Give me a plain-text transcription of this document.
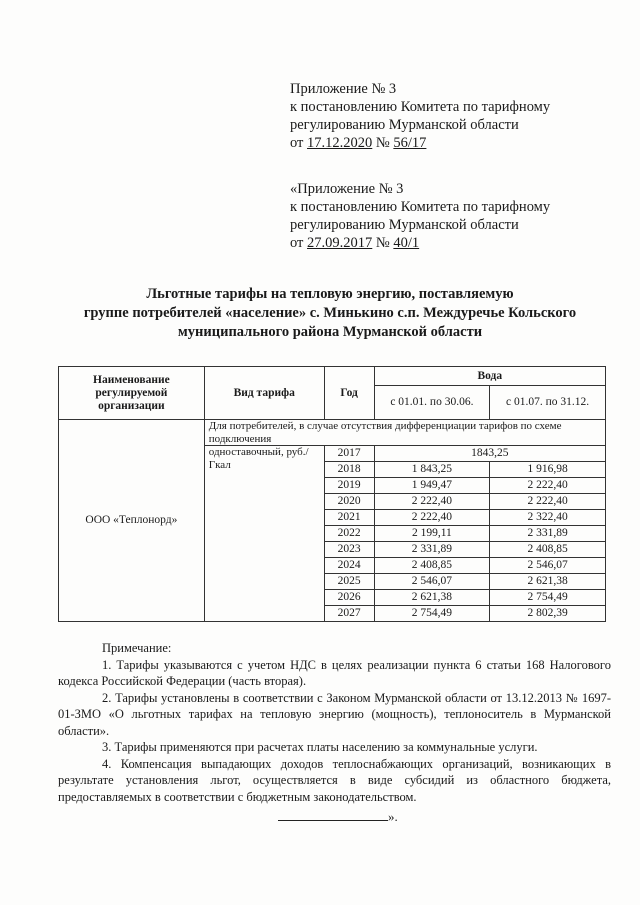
Приложение № 3
к постановлению Комитета по тарифному
регулированию Мурманской области
от 17.12.2020 № 56/17
«Приложение № 3
к постановлению Комитета по тарифному
регулированию Мурманской области
от 27.09.2017 № 40/1
Льготные тарифы на тепловую энергию, поставляемую
группе потребителей «население» с. Минькино с.п. Междуречье Кольского
муниципального района Мурманской области
Наименование регулируемой организации	Вид тарифа	Год	Вода	
			с 01.01. по 30.06.	с 01.07. по 31.12.
ООО «Теплонорд»	Для потребителей, в случае отсутствия дифференциации тарифов по схеме подключения			
	одноставочный, руб./Гкал	2017	1843,25	
		2018	1 843,25	1 916,98
		2019	1 949,47	2 222,40
		2020	2 222,40	2 222,40
		2021	2 222,40	2 322,40
		2022	2 199,11	2 331,89
		2023	2 331,89	2 408,85
		2024	2 408,85	2 546,07
		2025	2 546,07	2 621,38
		2026	2 621,38	2 754,49
		2027	2 754,49	2 802,39

Примечание:

1. Тарифы указываются с учетом НДС в целях реализации пункта 6 статьи 168 Налогового кодекса Российской Федерации (часть вторая).

2. Тарифы установлены в соответствии с Законом Мурманской области от 13.12.2013 № 1697-01-ЗМО «О льготных тарифах на тепловую энергию (мощность), теплоноситель в Мурманской области».

3. Тарифы применяются при расчетах платы населению за коммунальные услуги.

4. Компенсация выпадающих доходов теплоснабжающих организаций, возникающих в результате установления льгот, осуществляется в виде субсидий из областного бюджета, предоставляемых в соответствии с бюджетным законодательством.

».
